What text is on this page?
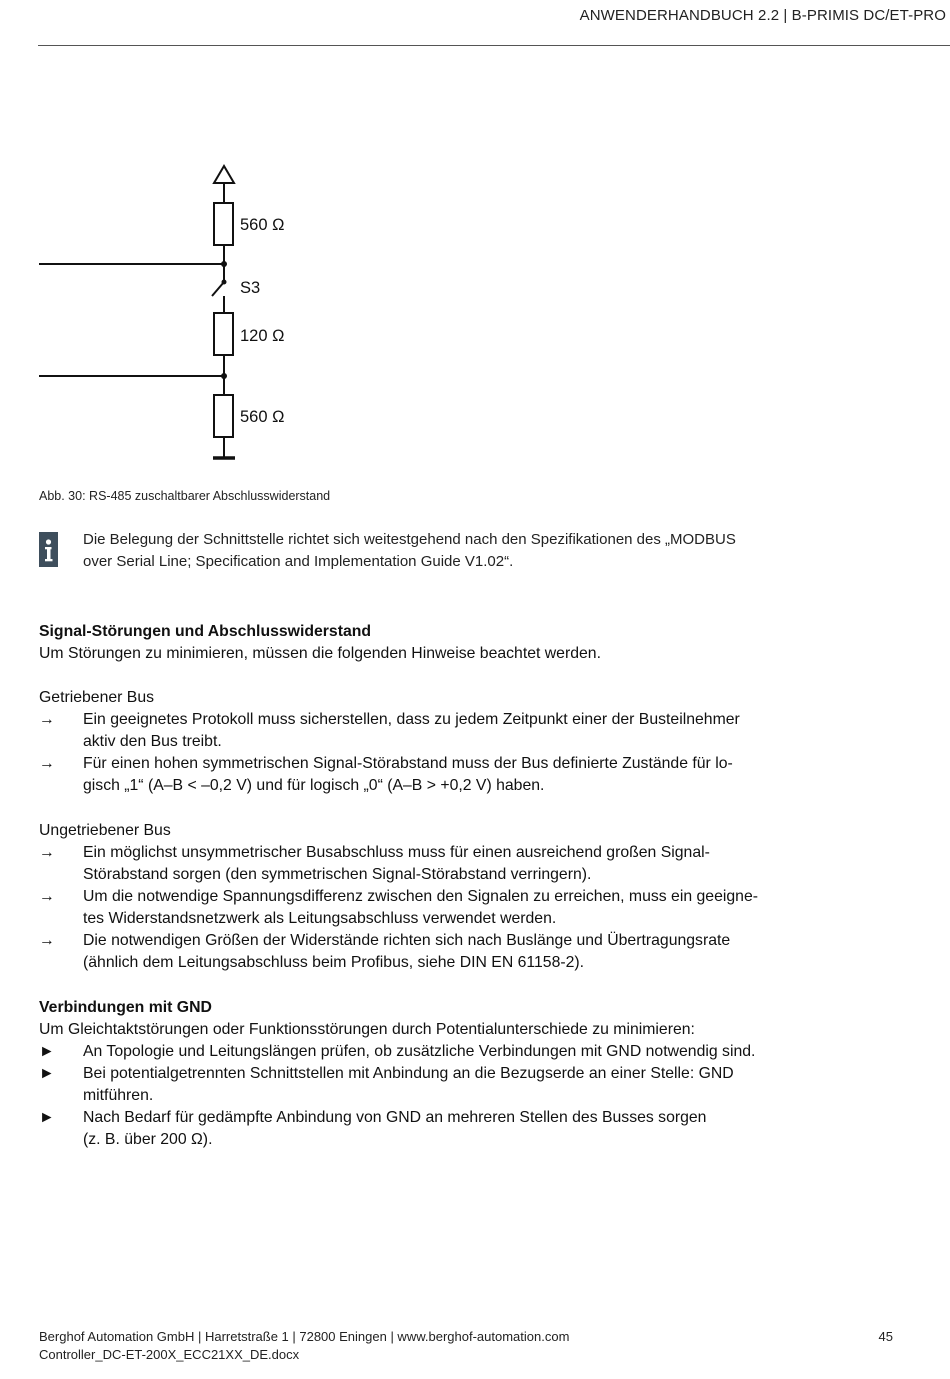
ANWENDERHANDBUCH 2.2 | B-PRIMIS DC/ET-PRO
560 Ω
S3
120 Ω
560 Ω
Abb. 30: RS-485 zuschaltbarer Abschlusswiderstand
Die Belegung der Schnittstelle richtet sich weitestgehend nach den Spezifikationen des „MODBUS
over Serial Line; Specification and Implementation Guide V1.02“.
Signal-Störungen und Abschlusswiderstand
Um Störungen zu minimieren, müssen die folgenden Hinweise beachtet werden.
Getriebener Bus
→	Ein geeignetes Protokoll muss sicherstellen, dass zu jedem Zeitpunkt einer der Busteilnehmer
aktiv den Bus treibt.
→	Für einen hohen symmetrischen Signal-Störabstand muss der Bus definierte Zustände für lo-
gisch „1“ (A–B < –0,2 V) und für logisch „0“ (A–B > +0,2 V) haben.
Ungetriebener Bus
→	Ein möglichst unsymmetrischer Busabschluss muss für einen ausreichend großen Signal-
Störabstand sorgen (den symmetrischen Signal-Störabstand verringern).
→	Um die notwendige Spannungsdifferenz zwischen den Signalen zu erreichen, muss ein geeigne-
tes Widerstandsnetzwerk als Leitungsabschluss verwendet werden.
→	Die notwendigen Größen der Widerstände richten sich nach Buslänge und Übertragungsrate
(ähnlich dem Leitungsabschluss beim Profibus, siehe DIN EN 61158-2).
Verbindungen mit GND
Um Gleichtaktstörungen oder Funktionsstörungen durch Potentialunterschiede zu minimieren:
►	An Topologie und Leitungslängen prüfen, ob zusätzliche Verbindungen mit GND notwendig sind.
►	Bei potentialgetrennten Schnittstellen mit Anbindung an die Bezugserde an einer Stelle: GND
mitführen.
►	Nach Bedarf für gedämpfte Anbindung von GND an mehreren Stellen des Busses sorgen
(z. B. über 200 Ω).
Berghof Automation GmbH | Harretstraße 1 | 72800 Eningen | www.berghof-automation.com
Controller_DC-ET-200X_ECC21XX_DE.docx
45
